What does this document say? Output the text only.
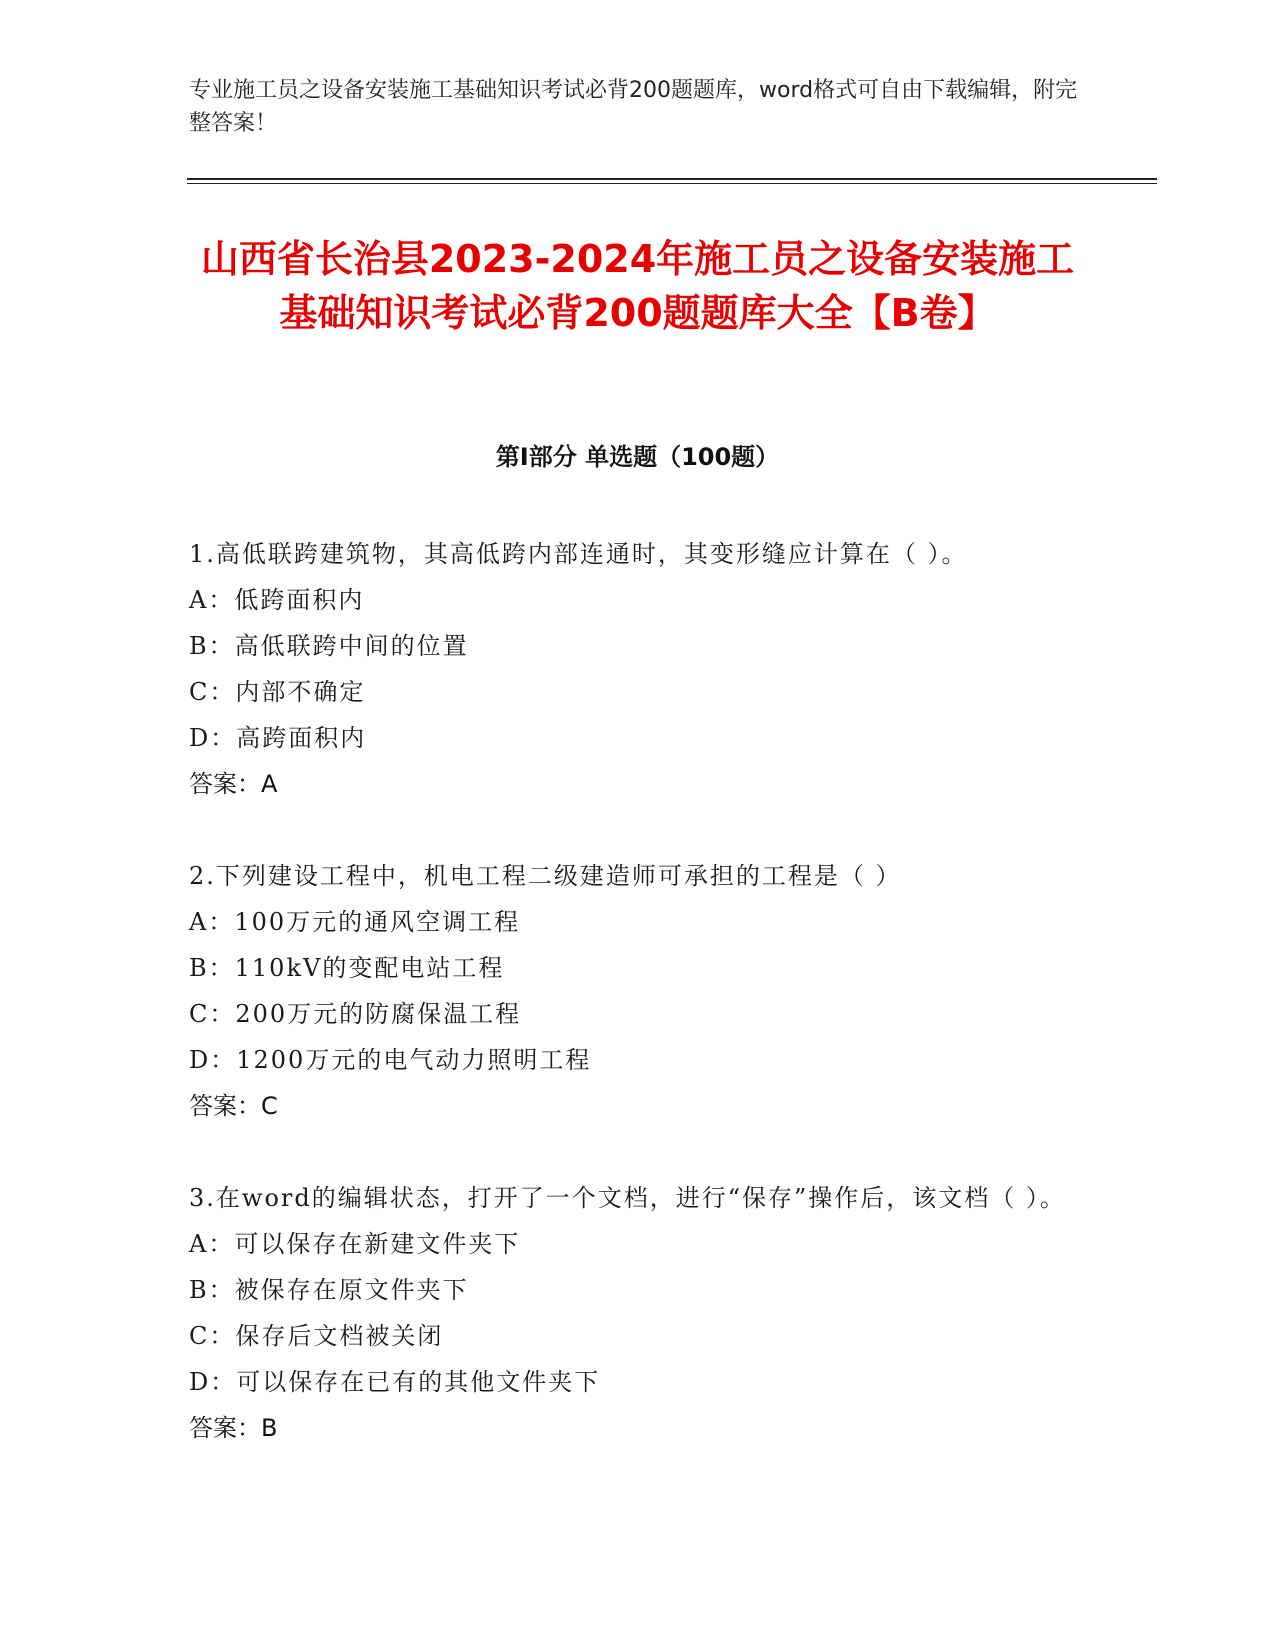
专业施工员之设备安装施工基础知识考试必背200题题库，word格式可自由下载编辑，附完整答案！
山西省长治县2023-2024年施工员之设备安装施工基础知识考试必背200题题库大全【B卷】
第I部分 单选题（100题）
1.高低联跨建筑物，其高低跨内部连通时，其变形缝应计算在（ ）。
A：低跨面积内
B：高低联跨中间的位置
C：内部不确定
D：高跨面积内
答案：A
2.下列建设工程中，机电工程二级建造师可承担的工程是（ ）
A：100万元的通风空调工程
B：110kV的变配电站工程
C：200万元的防腐保温工程
D：1200万元的电气动力照明工程
答案：C
3.在word的编辑状态，打开了一个文档，进行“保存”操作后，该文档（ ）。
A：可以保存在新建文件夹下
B：被保存在原文件夹下
C：保存后文档被关闭
D：可以保存在已有的其他文件夹下
答案：B
